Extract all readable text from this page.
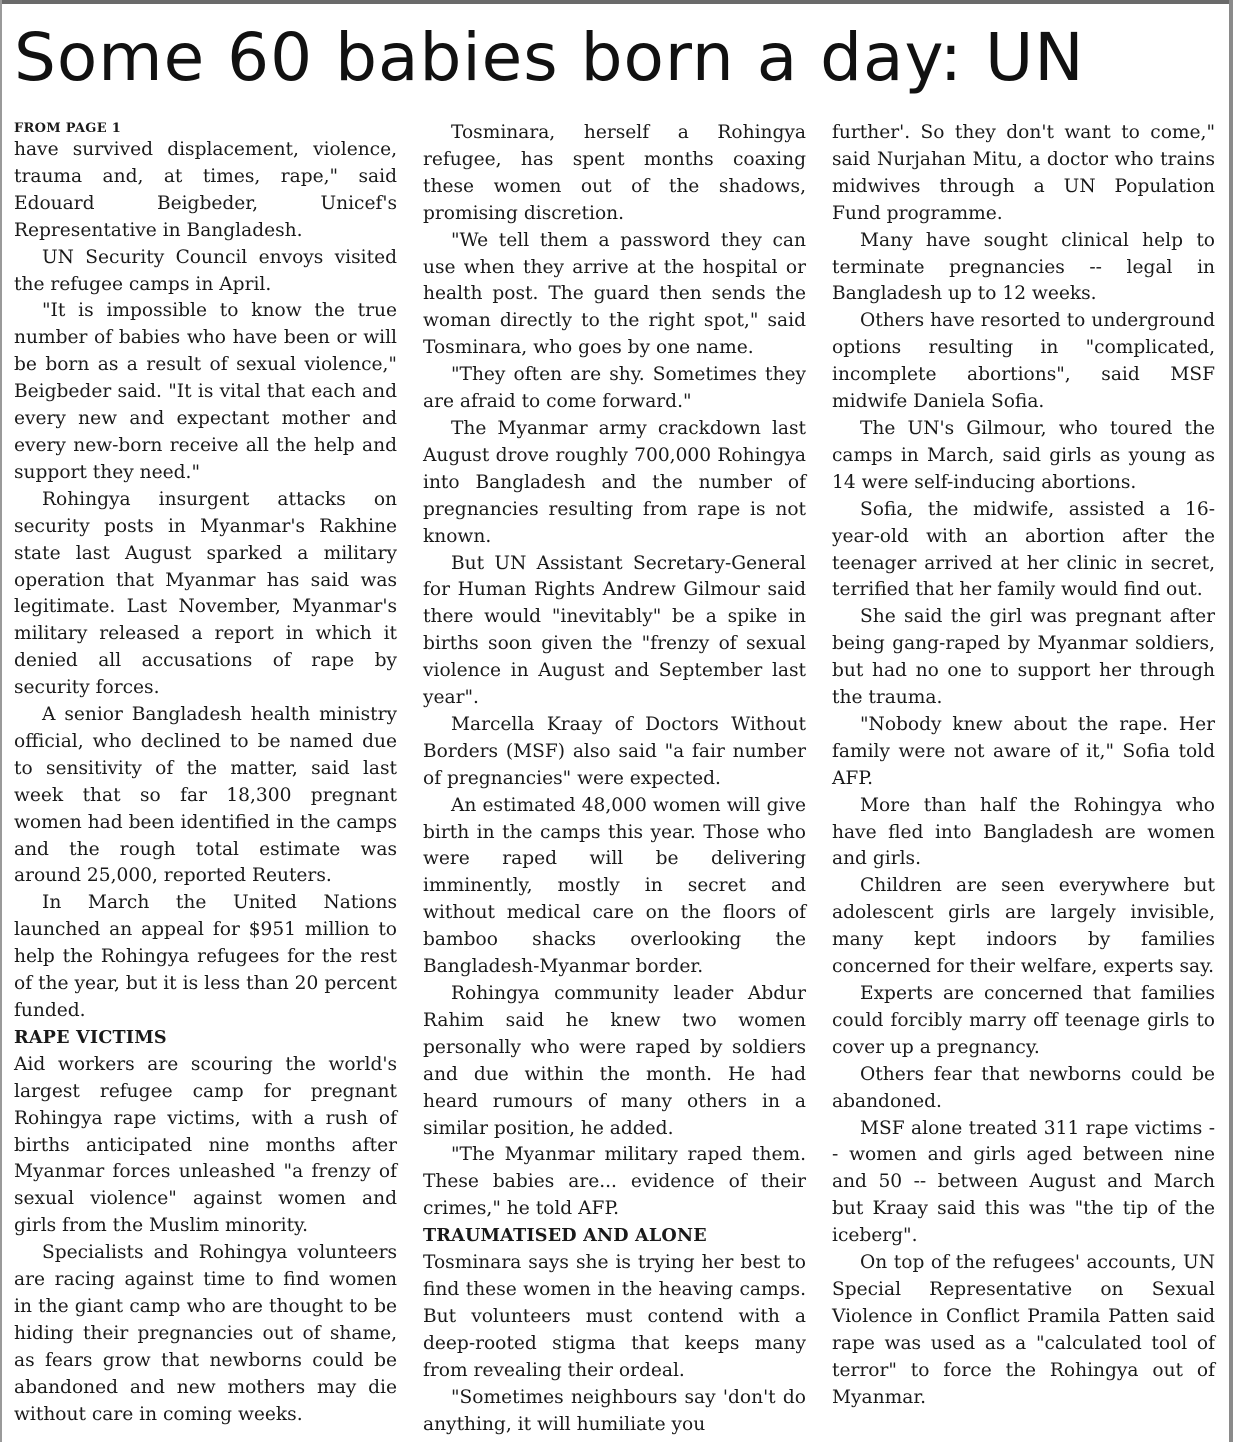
Some 60 babies born a day: UN
FROM PAGE 1

have survived displacement, violence, trauma and, at times, rape," said Edouard Beigbeder, Unicef's Representative in Bangladesh.

UN Security Council envoys visited the refugee camps in April.

"It is impossible to know the true number of babies who have been or will be born as a result of sexual violence," Beigbeder said. "It is vital that each and every new and expectant mother and every new-born receive all the help and support they need."

Rohingya insurgent attacks on security posts in Myanmar's Rakhine state last August sparked a military operation that Myanmar has said was legitimate. Last November, Myanmar's military released a report in which it denied all accusations of rape by security forces.

A senior Bangladesh health ministry official, who declined to be named due to sensitivity of the matter, said last week that so far 18,300 pregnant women had been identified in the camps and the rough total estimate was around 25,000, reported Reuters.

In March the United Nations launched an appeal for $951 million to help the Rohingya refugees for the rest of the year, but it is less than 20 percent funded.

RAPE VICTIMS

Aid workers are scouring the world's largest refugee camp for pregnant Rohingya rape victims, with a rush of births anticipated nine months after Myanmar forces unleashed "a frenzy of sexual violence" against women and girls from the Muslim minority.

Specialists and Rohingya volunteers are racing against time to find women in the giant camp who are thought to be hiding their pregnancies out of shame, as fears grow that newborns could be abandoned and new mothers may die without care in coming weeks.

Tosminara, herself a Rohingya refugee, has spent months coaxing these women out of the shadows, promising discretion.

"We tell them a password they can use when they arrive at the hospital or health post. The guard then sends the woman directly to the right spot," said Tosminara, who goes by one name.

"They often are shy. Sometimes they are afraid to come forward."

The Myanmar army crackdown last August drove roughly 700,000 Rohingya into Bangladesh and the number of pregnancies resulting from rape is not known.

But UN Assistant Secretary-General for Human Rights Andrew Gilmour said there would "inevitably" be a spike in births soon given the "frenzy of sexual violence in August and September last year".

Marcella Kraay of Doctors Without Borders (MSF) also said "a fair number of pregnancies" were expected.

An estimated 48,000 women will give birth in the camps this year. Those who were raped will be delivering imminently, mostly in secret and without medical care on the floors of bamboo shacks overlooking the Bangladesh-Myanmar border.

Rohingya community leader Abdur Rahim said he knew two women personally who were raped by soldiers and due within the month. He had heard rumours of many others in a similar position, he added.

"The Myanmar military raped them. These babies are... evidence of their crimes," he told AFP.

TRAUMATISED AND ALONE

Tosminara says she is trying her best to find these women in the heaving camps. But volunteers must contend with a deep-rooted stigma that keeps many from revealing their ordeal.

"Sometimes neighbours say 'don't do anything, it will humiliate you

further'. So they don't want to come," said Nurjahan Mitu, a doctor who trains midwives through a UN Population Fund programme.

Many have sought clinical help to terminate pregnancies -- legal in Bangladesh up to 12 weeks.

Others have resorted to underground options resulting in "complicated, incomplete abortions", said MSF midwife Daniela Sofia.

The UN's Gilmour, who toured the camps in March, said girls as young as 14 were self-inducing abortions.

Sofia, the midwife, assisted a 16-year-old with an abortion after the teenager arrived at her clinic in secret, terrified that her family would find out.

She said the girl was pregnant after being gang-raped by Myanmar soldiers, but had no one to support her through the trauma.

"Nobody knew about the rape. Her family were not aware of it," Sofia told AFP.

More than half the Rohingya who have fled into Bangladesh are women and girls.

Children are seen everywhere but adolescent girls are largely invisible, many kept indoors by families concerned for their welfare, experts say.

Experts are concerned that families could forcibly marry off teenage girls to cover up a pregnancy.

Others fear that newborns could be abandoned.

MSF alone treated 311 rape victims -- women and girls aged between nine and 50 -- between August and March but Kraay said this was "the tip of the iceberg".

On top of the refugees' accounts, UN Special Representative on Sexual Violence in Conflict Pramila Patten said rape was used as a "calculated tool of terror" to force the Rohingya out of Myanmar.
